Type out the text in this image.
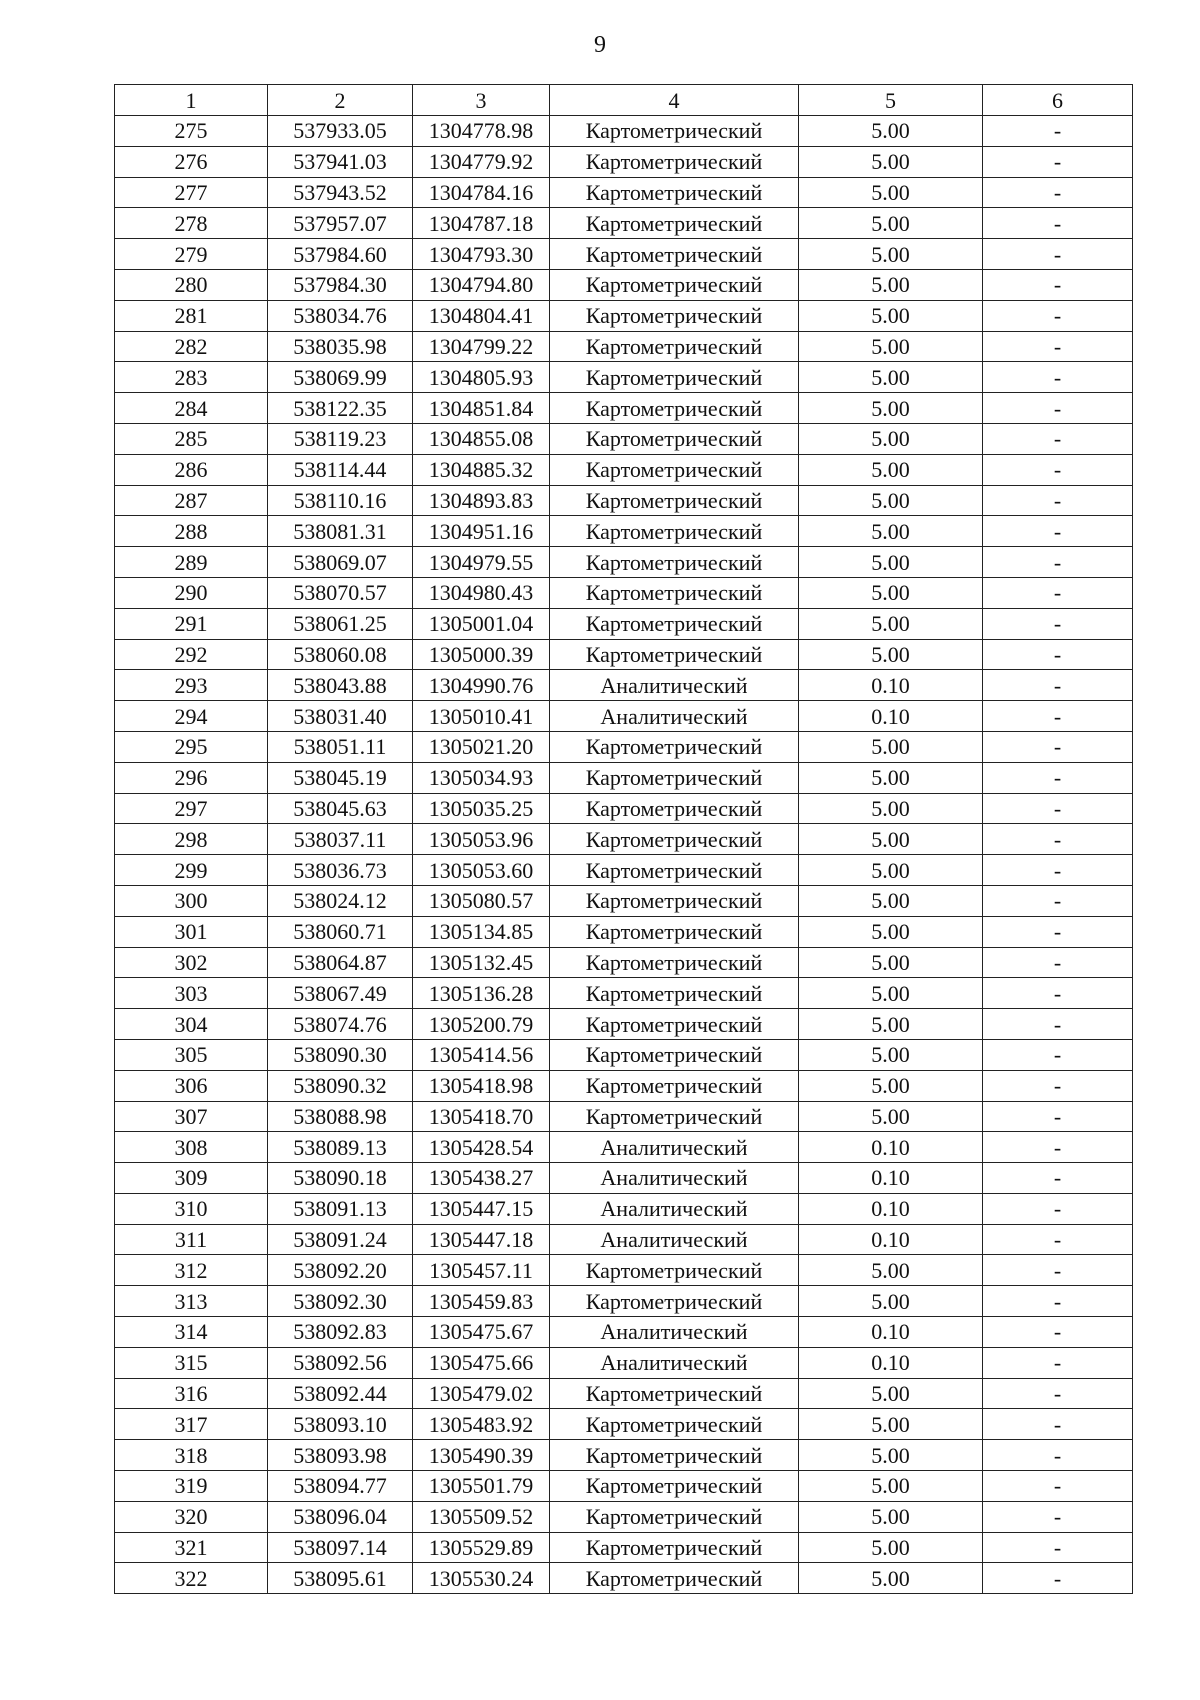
9
1	2	3	4	5	6
275	537933.05	1304778.98	Картометрический	5.00	-
276	537941.03	1304779.92	Картометрический	5.00	-
277	537943.52	1304784.16	Картометрический	5.00	-
278	537957.07	1304787.18	Картометрический	5.00	-
279	537984.60	1304793.30	Картометрический	5.00	-
280	537984.30	1304794.80	Картометрический	5.00	-
281	538034.76	1304804.41	Картометрический	5.00	-
282	538035.98	1304799.22	Картометрический	5.00	-
283	538069.99	1304805.93	Картометрический	5.00	-
284	538122.35	1304851.84	Картометрический	5.00	-
285	538119.23	1304855.08	Картометрический	5.00	-
286	538114.44	1304885.32	Картометрический	5.00	-
287	538110.16	1304893.83	Картометрический	5.00	-
288	538081.31	1304951.16	Картометрический	5.00	-
289	538069.07	1304979.55	Картометрический	5.00	-
290	538070.57	1304980.43	Картометрический	5.00	-
291	538061.25	1305001.04	Картометрический	5.00	-
292	538060.08	1305000.39	Картометрический	5.00	-
293	538043.88	1304990.76	Аналитический	0.10	-
294	538031.40	1305010.41	Аналитический	0.10	-
295	538051.11	1305021.20	Картометрический	5.00	-
296	538045.19	1305034.93	Картометрический	5.00	-
297	538045.63	1305035.25	Картометрический	5.00	-
298	538037.11	1305053.96	Картометрический	5.00	-
299	538036.73	1305053.60	Картометрический	5.00	-
300	538024.12	1305080.57	Картометрический	5.00	-
301	538060.71	1305134.85	Картометрический	5.00	-
302	538064.87	1305132.45	Картометрический	5.00	-
303	538067.49	1305136.28	Картометрический	5.00	-
304	538074.76	1305200.79	Картометрический	5.00	-
305	538090.30	1305414.56	Картометрический	5.00	-
306	538090.32	1305418.98	Картометрический	5.00	-
307	538088.98	1305418.70	Картометрический	5.00	-
308	538089.13	1305428.54	Аналитический	0.10	-
309	538090.18	1305438.27	Аналитический	0.10	-
310	538091.13	1305447.15	Аналитический	0.10	-
311	538091.24	1305447.18	Аналитический	0.10	-
312	538092.20	1305457.11	Картометрический	5.00	-
313	538092.30	1305459.83	Картометрический	5.00	-
314	538092.83	1305475.67	Аналитический	0.10	-
315	538092.56	1305475.66	Аналитический	0.10	-
316	538092.44	1305479.02	Картометрический	5.00	-
317	538093.10	1305483.92	Картометрический	5.00	-
318	538093.98	1305490.39	Картометрический	5.00	-
319	538094.77	1305501.79	Картометрический	5.00	-
320	538096.04	1305509.52	Картометрический	5.00	-
321	538097.14	1305529.89	Картометрический	5.00	-
322	538095.61	1305530.24	Картометрический	5.00	-
